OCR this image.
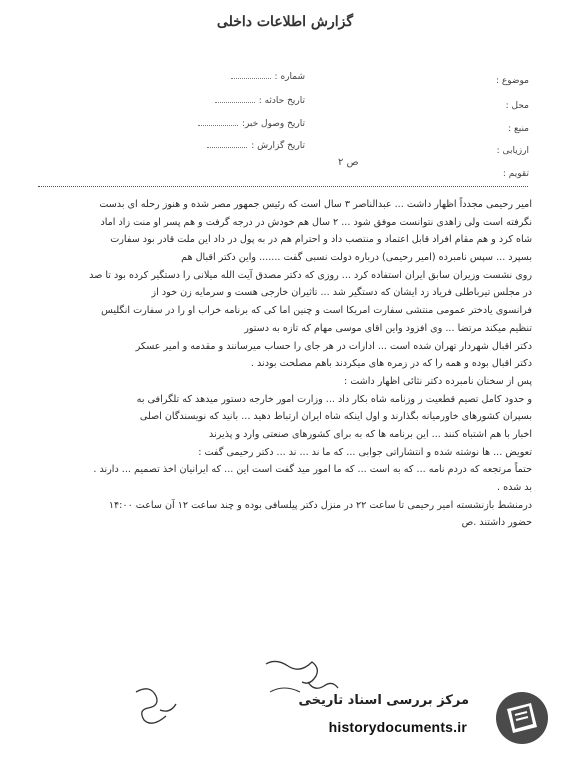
گزارش اطلاعات داخلی
شماره :
تاریخ حادثه :
تاریخ وصول خبر:
تاریخ گزارش :
موضوع :
محل :
منبع :
ارزیابی :
تقویم :
ص ۲
امیر رحیمی مجدداً اظهار داشت ... عبدالناصر ۳ سال است که رئیس جمهور مصر شده و هنوز رحله ای بدست
نگرفته است ولی زاهدی نتوانست موفق شود ... ۲ سال هم خودش در درجه گرفت و هم پسر او منت زاد اماد
شاه کرد و هم مقام افراد قابل اعتماد و منتصب داد و احترام هم در به پول در داد این ملت قادر بود سفارت
بسپرد ... سپس نامبرده (امیر رحیمی) درباره دولت نسبی گفت ....... واین دکتر اقبال هم
روی نشست وزیران سابق ایران استفاده کرد ... روزی که دکتر مصدق آیت الله میلانی را دستگیر کرده بود تا صد
در مجلس تیرباطلی فریاد زد ایشان که دستگیر شد ... تاثیران خارجی هست و سرمایه زن خود از
فرانسوی یادختر عمومی منتشی سفارت امریکا است و چنین اما کی که برنامه خراب او را در سفارت انگلیس
تنظیم میکند مرتضا ... وی افزود واین اقای موسی مهام که تازه به دستور
دکتر اقبال شهردار تهران شده است ... ادارات در هر جای را حساب میرسانند و مقدمه و امیر عسکر
دکتر اقبال بوده و همه را که در زمره های میکردند باهم مصلحت بودند .
پس از سخنان نامبرده دکتر نثائی اظهار داشت :
و حدود کامل تصیم قطعیت ر وزنامه شاه بکار داد ... وزارت امور خارجه دستور میدهد که تلگرافی به
بسپران کشورهای خاورمیانه بگذارند و اول اینکه شاه ایران ارتباط دهید ... بانید که نویسندگان اصلی
اخبار با هم اشتباه کنند ... این برنامه ها که به برای کشورهای صنعتی وارد و پذیرند
تعویض ... ها نوشته شده و انتشاراتی جوابی ... که ما ند ... ند ... دکتر رحیمی گفت :
حتماً مرتجعه که دردم نامه ... که به است ... که ما امور مید گفت است این ... که ایرانیان اخذ تصمیم ... دارند .
بد شده .
درمنشط بازنشسته امیر رحیمی تا ساعت ۲۲ در منزل دکتر پیلسافی بوده و چند ساعت ۱۲ آن ساعت ۱۴:۰۰
حضور داشتند .ص
مرکز بررسی اسناد تاریخی
historydocuments.ir
